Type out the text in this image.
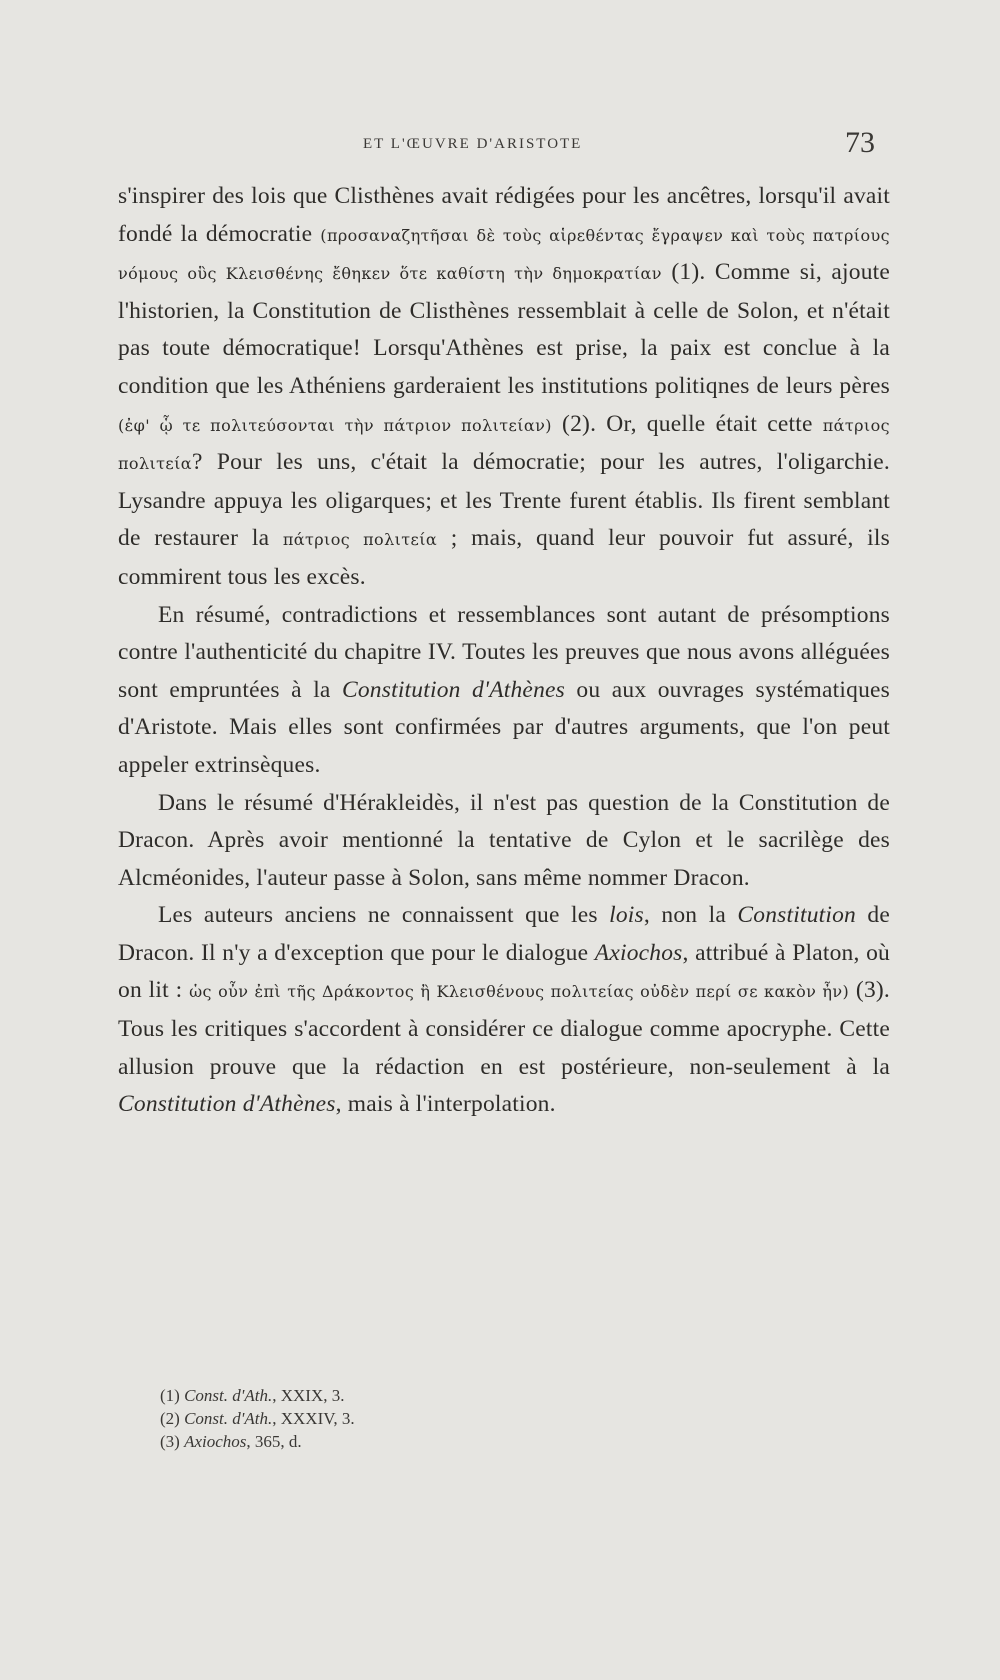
ET L'ŒUVRE D'ARISTOTE	73

s'inspirer des lois que Clisthènes avait rédigées pour les ancêtres, lorsqu'il avait fondé la démocratie (προσαναζητῆσαι δὲ τοὺς αἱρεθέντας ἔγραψεν καὶ τοὺς πατρίους νόμους οὓς Κλεισθένης ἔθηκεν ὅτε καθίστη τὴν δημοκρατίαν (1). Comme si, ajoute l'historien, la Constitution de Clisthènes ressemblait à celle de Solon, et n'était pas toute démocratique! Lorsqu'Athènes est prise, la paix est conclue à la condition que les Athéniens garderaient les institutions politiqnes de leurs pères (ἐφ' ᾧ τε πολιτεύσονται τὴν πάτριον πολιτείαν) (2). Or, quelle était cette πάτριος πολιτεία? Pour les uns, c'était la démocratie; pour les autres, l'oligarchie. Lysandre appuya les oligarques; et les Trente furent établis. Ils firent semblant de restaurer la πάτριος πολιτεία ; mais, quand leur pouvoir fut assuré, ils commirent tous les excès.

En résumé, contradictions et ressemblances sont autant de présomptions contre l'authenticité du chapitre IV. Toutes les preuves que nous avons alléguées sont empruntées à la Constitution d'Athènes ou aux ouvrages systématiques d'Aristote. Mais elles sont confirmées par d'autres arguments, que l'on peut appeler extrinsèques.

Dans le résumé d'Hérakleidès, il n'est pas question de la Constitution de Dracon. Après avoir mentionné la tentative de Cylon et le sacrilège des Alcméonides, l'auteur passe à Solon, sans même nommer Dracon.

Les auteurs anciens ne connaissent que les lois, non la Constitution de Dracon. Il n'y a d'exception que pour le dialogue Axiochos, attribué à Platon, où on lit : ὡς οὖν ἐπὶ τῆς Δράκοντος ἢ Κλεισθένους πολιτείας οὐδὲν περί σε κακὸν ἦν) (3). Tous les critiques s'accordent à considérer ce dialogue comme apocryphe. Cette allusion prouve que la rédaction en est postérieure, non-seulement à la Constitution d'Athènes, mais à l'interpolation.

(1) Const. d'Ath., XXIX, 3.

(2) Const. d'Ath., XXXIV, 3.

(3) Axiochos, 365, d.
